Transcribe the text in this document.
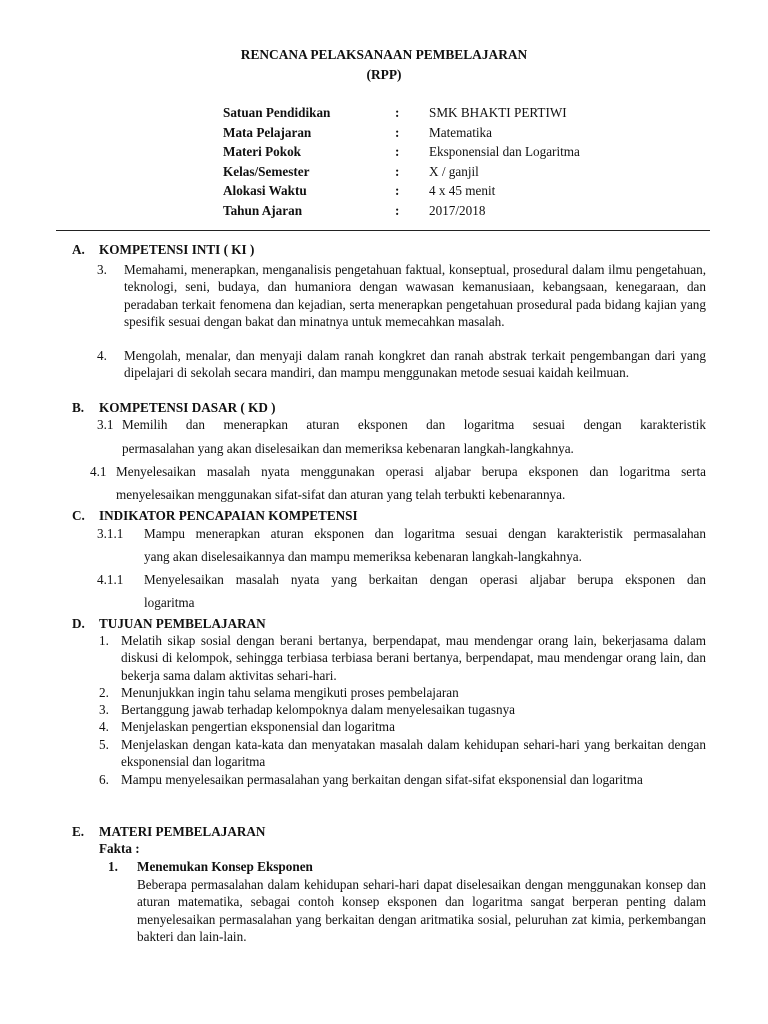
RENCANA PELAKSANAAN PEMBELAJARAN
(RPP)
Satuan Pendidikan	: SMK BHAKTI PERTIWI
Mata Pelajaran	: Matematika
Materi Pokok	: Eksponensial dan Logaritma
Kelas/Semester	: X / ganjil
Alokasi Waktu	: 4 x 45 menit
Tahun Ajaran	: 2017/2018
A. KOMPETENSI INTI ( KI )
3. Memahami, menerapkan, menganalisis pengetahuan faktual, konseptual, prosedural dalam ilmu pengetahuan, teknologi, seni, budaya, dan humaniora dengan wawasan kemanusiaan, kebangsaan, kenegaraan, dan peradaban terkait fenomena dan kejadian, serta menerapkan pengetahuan prosedural pada bidang kajian yang spesifik sesuai dengan bakat dan minatnya untuk memecahkan masalah.
4. Mengolah, menalar, dan menyaji dalam ranah kongkret dan ranah abstrak terkait pengembangan dari yang dipelajari di sekolah secara mandiri, dan mampu menggunakan metode sesuai kaidah keilmuan.
B. KOMPETENSI DASAR ( KD )
3.1 Memilih dan menerapkan aturan eksponen dan logaritma sesuai dengan karakteristik
permasalahan yang akan diselesaikan dan memeriksa kebenaran langkah-langkahnya.
4.1 Menyelesaikan masalah nyata menggunakan operasi aljabar berupa eksponen dan logaritma serta
menyelesaikan menggunakan sifat-sifat dan aturan yang telah terbukti kebenarannya.
C. INDIKATOR PENCAPAIAN KOMPETENSI
3.1.1 Mampu menerapkan aturan eksponen dan logaritma sesuai dengan karakteristik permasalahan
yang akan diselesaikannya dan mampu memeriksa kebenaran langkah-langkahnya.
4.1.1 Menyelesaikan masalah nyata yang berkaitan dengan operasi aljabar berupa eksponen dan
logaritma
D. TUJUAN PEMBELAJARAN
1. Melatih sikap sosial dengan berani bertanya, berpendapat, mau mendengar orang lain, bekerjasama dalam diskusi di kelompok, sehingga terbiasa terbiasa berani bertanya, berpendapat, mau mendengar orang lain, dan bekerja sama dalam aktivitas sehari-hari.
2. Menunjukkan ingin tahu selama mengikuti proses pembelajaran
3. Bertanggung jawab terhadap kelompoknya dalam menyelesaikan tugasnya
4. Menjelaskan pengertian eksponensial dan logaritma
5. Menjelaskan dengan kata-kata dan menyatakan masalah dalam kehidupan sehari-hari yang berkaitan dengan eksponensial dan logaritma
6. Mampu menyelesaikan permasalahan yang berkaitan dengan sifat-sifat eksponensial dan logaritma
E. MATERI PEMBELAJARAN
Fakta :
1. Menemukan Konsep Eksponen
Beberapa permasalahan dalam kehidupan sehari-hari dapat diselesaikan dengan menggunakan konsep dan aturan matematika, sebagai contoh konsep eksponen dan logaritma sangat berperan penting dalam menyelesaikan permasalahan yang berkaitan dengan aritmatika sosial, peluruhan zat kimia, perkembangan bakteri dan lain-lain.
